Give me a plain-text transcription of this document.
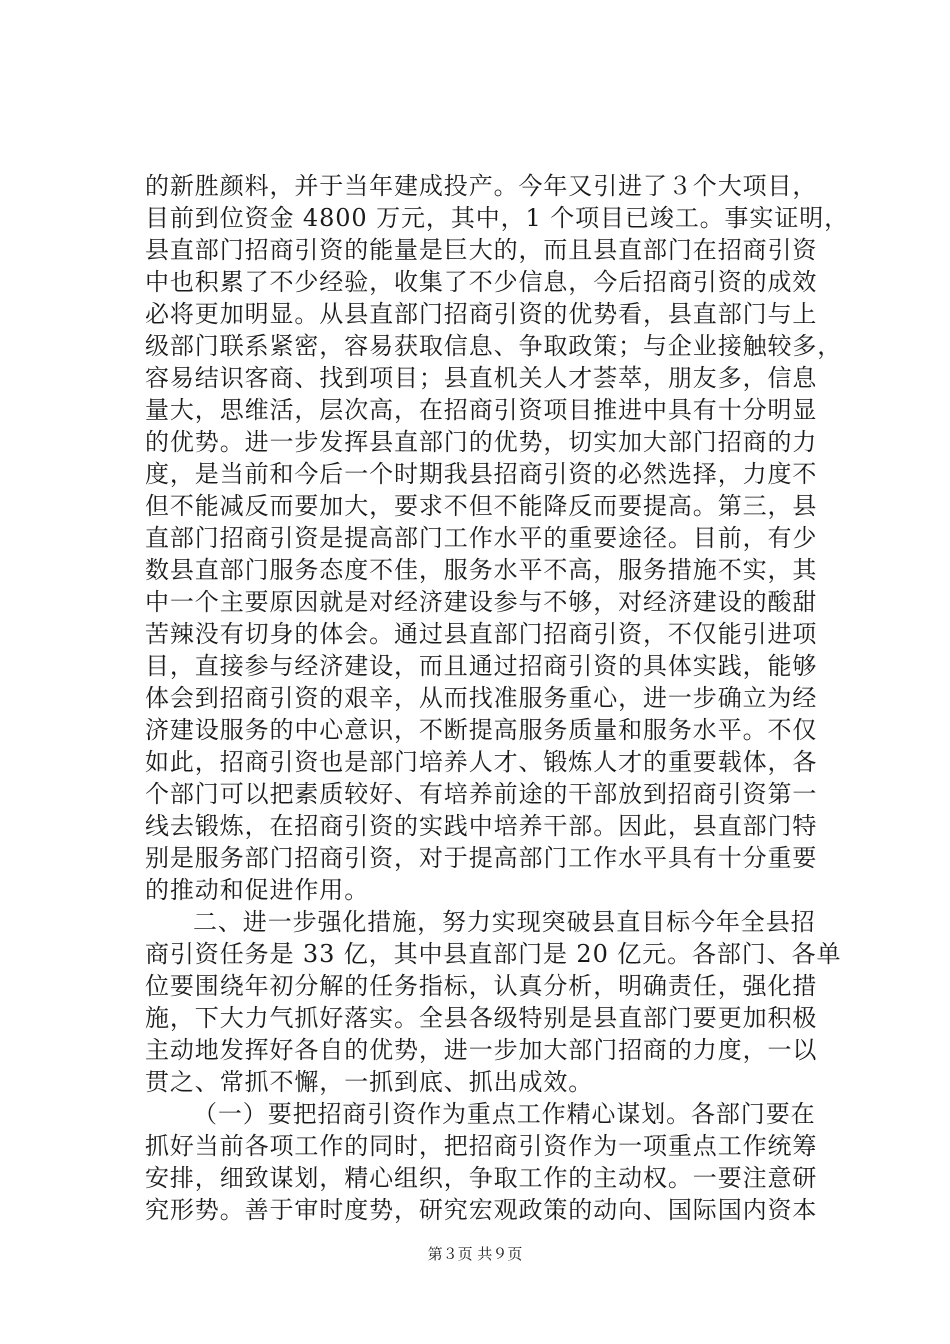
的新胜颜料，并于当年建成投产。今年又引进了３个大项目，
目前到位资金 4800 万元，其中，1 个项目已竣工。事实证明，
县直部门招商引资的能量是巨大的，而且县直部门在招商引资
中也积累了不少经验，收集了不少信息，今后招商引资的成效
必将更加明显。从县直部门招商引资的优势看，县直部门与上
级部门联系紧密，容易获取信息、争取政策；与企业接触较多，
容易结识客商、找到项目；县直机关人才荟萃，朋友多，信息
量大，思维活，层次高，在招商引资项目推进中具有十分明显
的优势。进一步发挥县直部门的优势，切实加大部门招商的力
度，是当前和今后一个时期我县招商引资的必然选择，力度不
但不能减反而要加大，要求不但不能降反而要提高。第三，县
直部门招商引资是提高部门工作水平的重要途径。目前，有少
数县直部门服务态度不佳，服务水平不高，服务措施不实，其
中一个主要原因就是对经济建设参与不够，对经济建设的酸甜
苦辣没有切身的体会。通过县直部门招商引资，不仅能引进项
目，直接参与经济建设，而且通过招商引资的具体实践，能够
体会到招商引资的艰辛，从而找准服务重心，进一步确立为经
济建设服务的中心意识，不断提高服务质量和服务水平。不仅
如此，招商引资也是部门培养人才、锻炼人才的重要载体，各
个部门可以把素质较好、有培养前途的干部放到招商引资第一
线去锻炼，在招商引资的实践中培养干部。因此，县直部门特
别是服务部门招商引资，对于提高部门工作水平具有十分重要
的推动和促进作用。
二、进一步强化措施，努力实现突破县直目标今年全县招
商引资任务是 33 亿，其中县直部门是 20 亿元。各部门、各单
位要围绕年初分解的任务指标，认真分析，明确责任，强化措
施，下大力气抓好落实。全县各级特别是县直部门要更加积极
主动地发挥好各自的优势，进一步加大部门招商的力度，一以
贯之、常抓不懈，一抓到底、抓出成效。
（一）要把招商引资作为重点工作精心谋划。各部门要在
抓好当前各项工作的同时，把招商引资作为一项重点工作统筹
安排，细致谋划，精心组织，争取工作的主动权。一要注意研
究形势。善于审时度势，研究宏观政策的动向、国际国内资本
第３页 共９页
